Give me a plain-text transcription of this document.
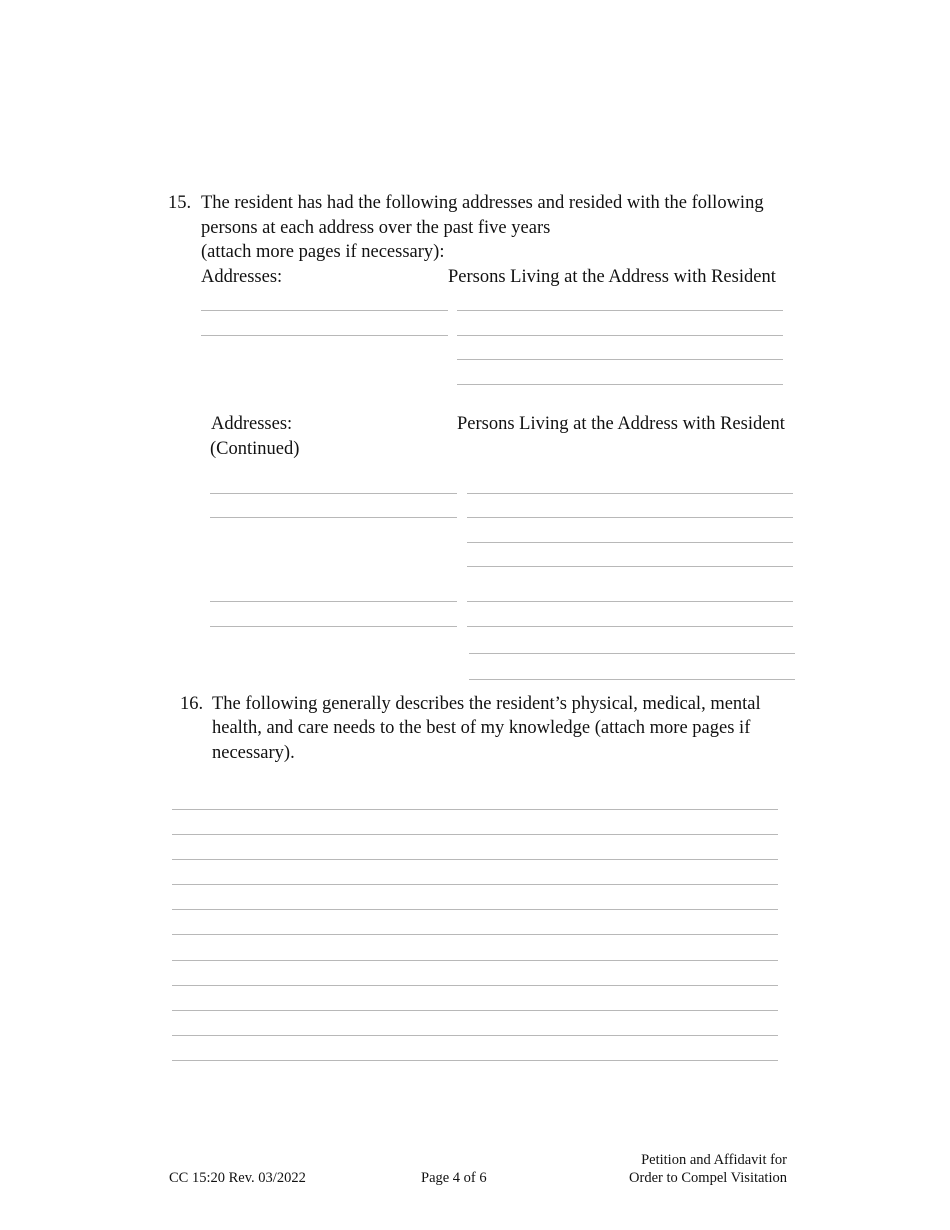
15. The resident has had the following addresses and resided with the following
persons at each address over the past five years
(attach more pages if necessary):
Addresses:	Persons Living at the Address with Resident
Addresses:
(Continued)
Persons Living at the Address with Resident
16. The following generally describes the resident’s physical, medical, mental
health, and care needs to the best of my knowledge (attach more pages if
necessary).
CC 15:20 Rev. 03/2022	Page 4 of 6
Petition and Affidavit for
Order to Compel Visitation
